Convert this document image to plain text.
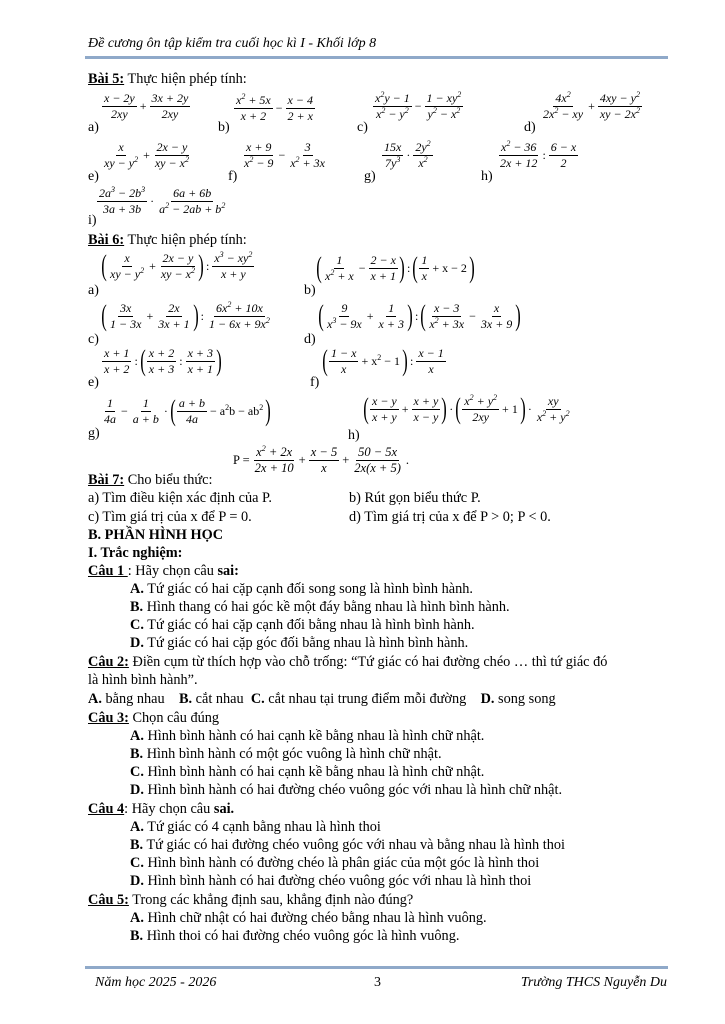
Đề cương ôn tập kiểm tra cuối học kì I - Khối lớp 8
Bài 5: Thực hiện phép tính:
a)
x − 2y
2xy
+ $\frac{3x + 2y}{2xy}$
b)
$x^2 + 5x$
x + 2
− $\frac{x - 4}{2 + x}$
c)
$x^2y - 1$
$x^2 - y^2 - \frac{1 - xy^2}{y^2 - x^2}$
d)
$4x^2$
$2x^2$ − xy
+ $\frac{4xy - y^2}{xy - 2x^2}$
e)
x
xy − $y^2 + \frac{2x - y}{xy - x^2}$
f)
x + 9
$x^2 - 9$
− $\frac{3}{x^2 + 3x}$
g)
15x
$7y^3$ ·
$2y^2$
$x^2$
h)
$x^2 - 36$
2x + 12
:
6 − x
2
i)
$2a^3 - 2b^3$
3a + 3b
·
6a + 6b
$a^2 - 2ab + b^2$
Bài 6: Thực hiện phép tính:
a)
( x
xy − $y^2 + \frac{2x - y}{xy - x^2}$ ) :
$x^3 - xy^2$
x + y
b)
( 1
$x^2 + x$
− $\frac{2 - x}{x + 1}$ ) : ( 1
x
+ x − 2 )
c)
( 3x
1 − 3x
+ $\frac{2x}{3x + 1}$ ) :
$6x^2 + 10x$
$1 - 6x + 9x^2$
d)
( 9
$x^3 - 9x$
+ $\frac{1}{x + 3}$ ) : ( x − 3
$x^2 + 3x$
− $\frac{x}{3x + 9}$ )
e)
x + 1
x + 2
: ( x + 2
x + 3
:
x + 3
x + 1 )
f)
( 1 − x
x
+ $x^2 - 1$ ) :
x − 1
x
g)
1
4a
− $\frac{1}{a + b}$ · ( a + b
4a
− $a^2b - ab^2$ )
h)
( x − y
x + y
+ $\frac{x + y}{x - y}$ ) · ( $x^2 + y^2$
2xy
+ 1 ) ·
xy
$x^2 + y^2$
Bài 7: Cho biểu thức:
$P = \frac{x^2 + 2x}{2x + 10} + \frac{x - 5}{x} + \frac{50 - 5x}{2x(x + 5)}$ .
a) Tìm điều kiện xác định của P.	b) Rút gọn biểu thức P.
c) Tìm giá trị của x để P = 0.	d) Tìm giá trị của x để P > 0; P < 0.
B. PHẦN HÌNH HỌC
I. Trắc nghiệm:
Câu 1 : Hãy chọn câu sai:
A. Tứ giác có hai cặp cạnh đối song song là hình bình hành.
B. Hình thang có hai góc kề một đáy bằng nhau là hình bình hành.
C. Tứ giác có hai cặp cạnh đối bằng nhau là hình bình hành.
D. Tứ giác có hai cặp góc đối bằng nhau là hình bình hành.
Câu 2: Điền cụm từ thích hợp vào chỗ trống: “Tứ giác có hai đường chéo … thì tứ giác đó
là hình bình hành”.
A. bằng nhau B. cắt nhau C. cắt nhau tại trung điểm mỗi đường D. song song
Câu 3: Chọn câu đúng
A. Hình bình hành có hai cạnh kề bằng nhau là hình chữ nhật.
B. Hình bình hành có một góc vuông là hình chữ nhật.
C. Hình bình hành có hai cạnh kề bằng nhau là hình chữ nhật.
D. Hình bình hành có hai đường chéo vuông góc với nhau là hình chữ nhật.
Câu 4: Hãy chọn câu sai.
A. Tứ giác có 4 cạnh bằng nhau là hình thoi
B. Tứ giác có hai đường chéo vuông góc với nhau và bằng nhau là hình thoi
C. Hình bình hành có đường chéo là phân giác của một góc là hình thoi
D. Hình bình hành có hai đường chéo vuông góc với nhau là hình thoi
Câu 5: Trong các khẳng định sau, khẳng định nào đúng?
A. Hình chữ nhật có hai đường chéo bằng nhau là hình vuông.
B. Hình thoi có hai đường chéo vuông góc là hình vuông.
Năm học 2025 - 2026	3	Trường THCS Nguyễn Du
